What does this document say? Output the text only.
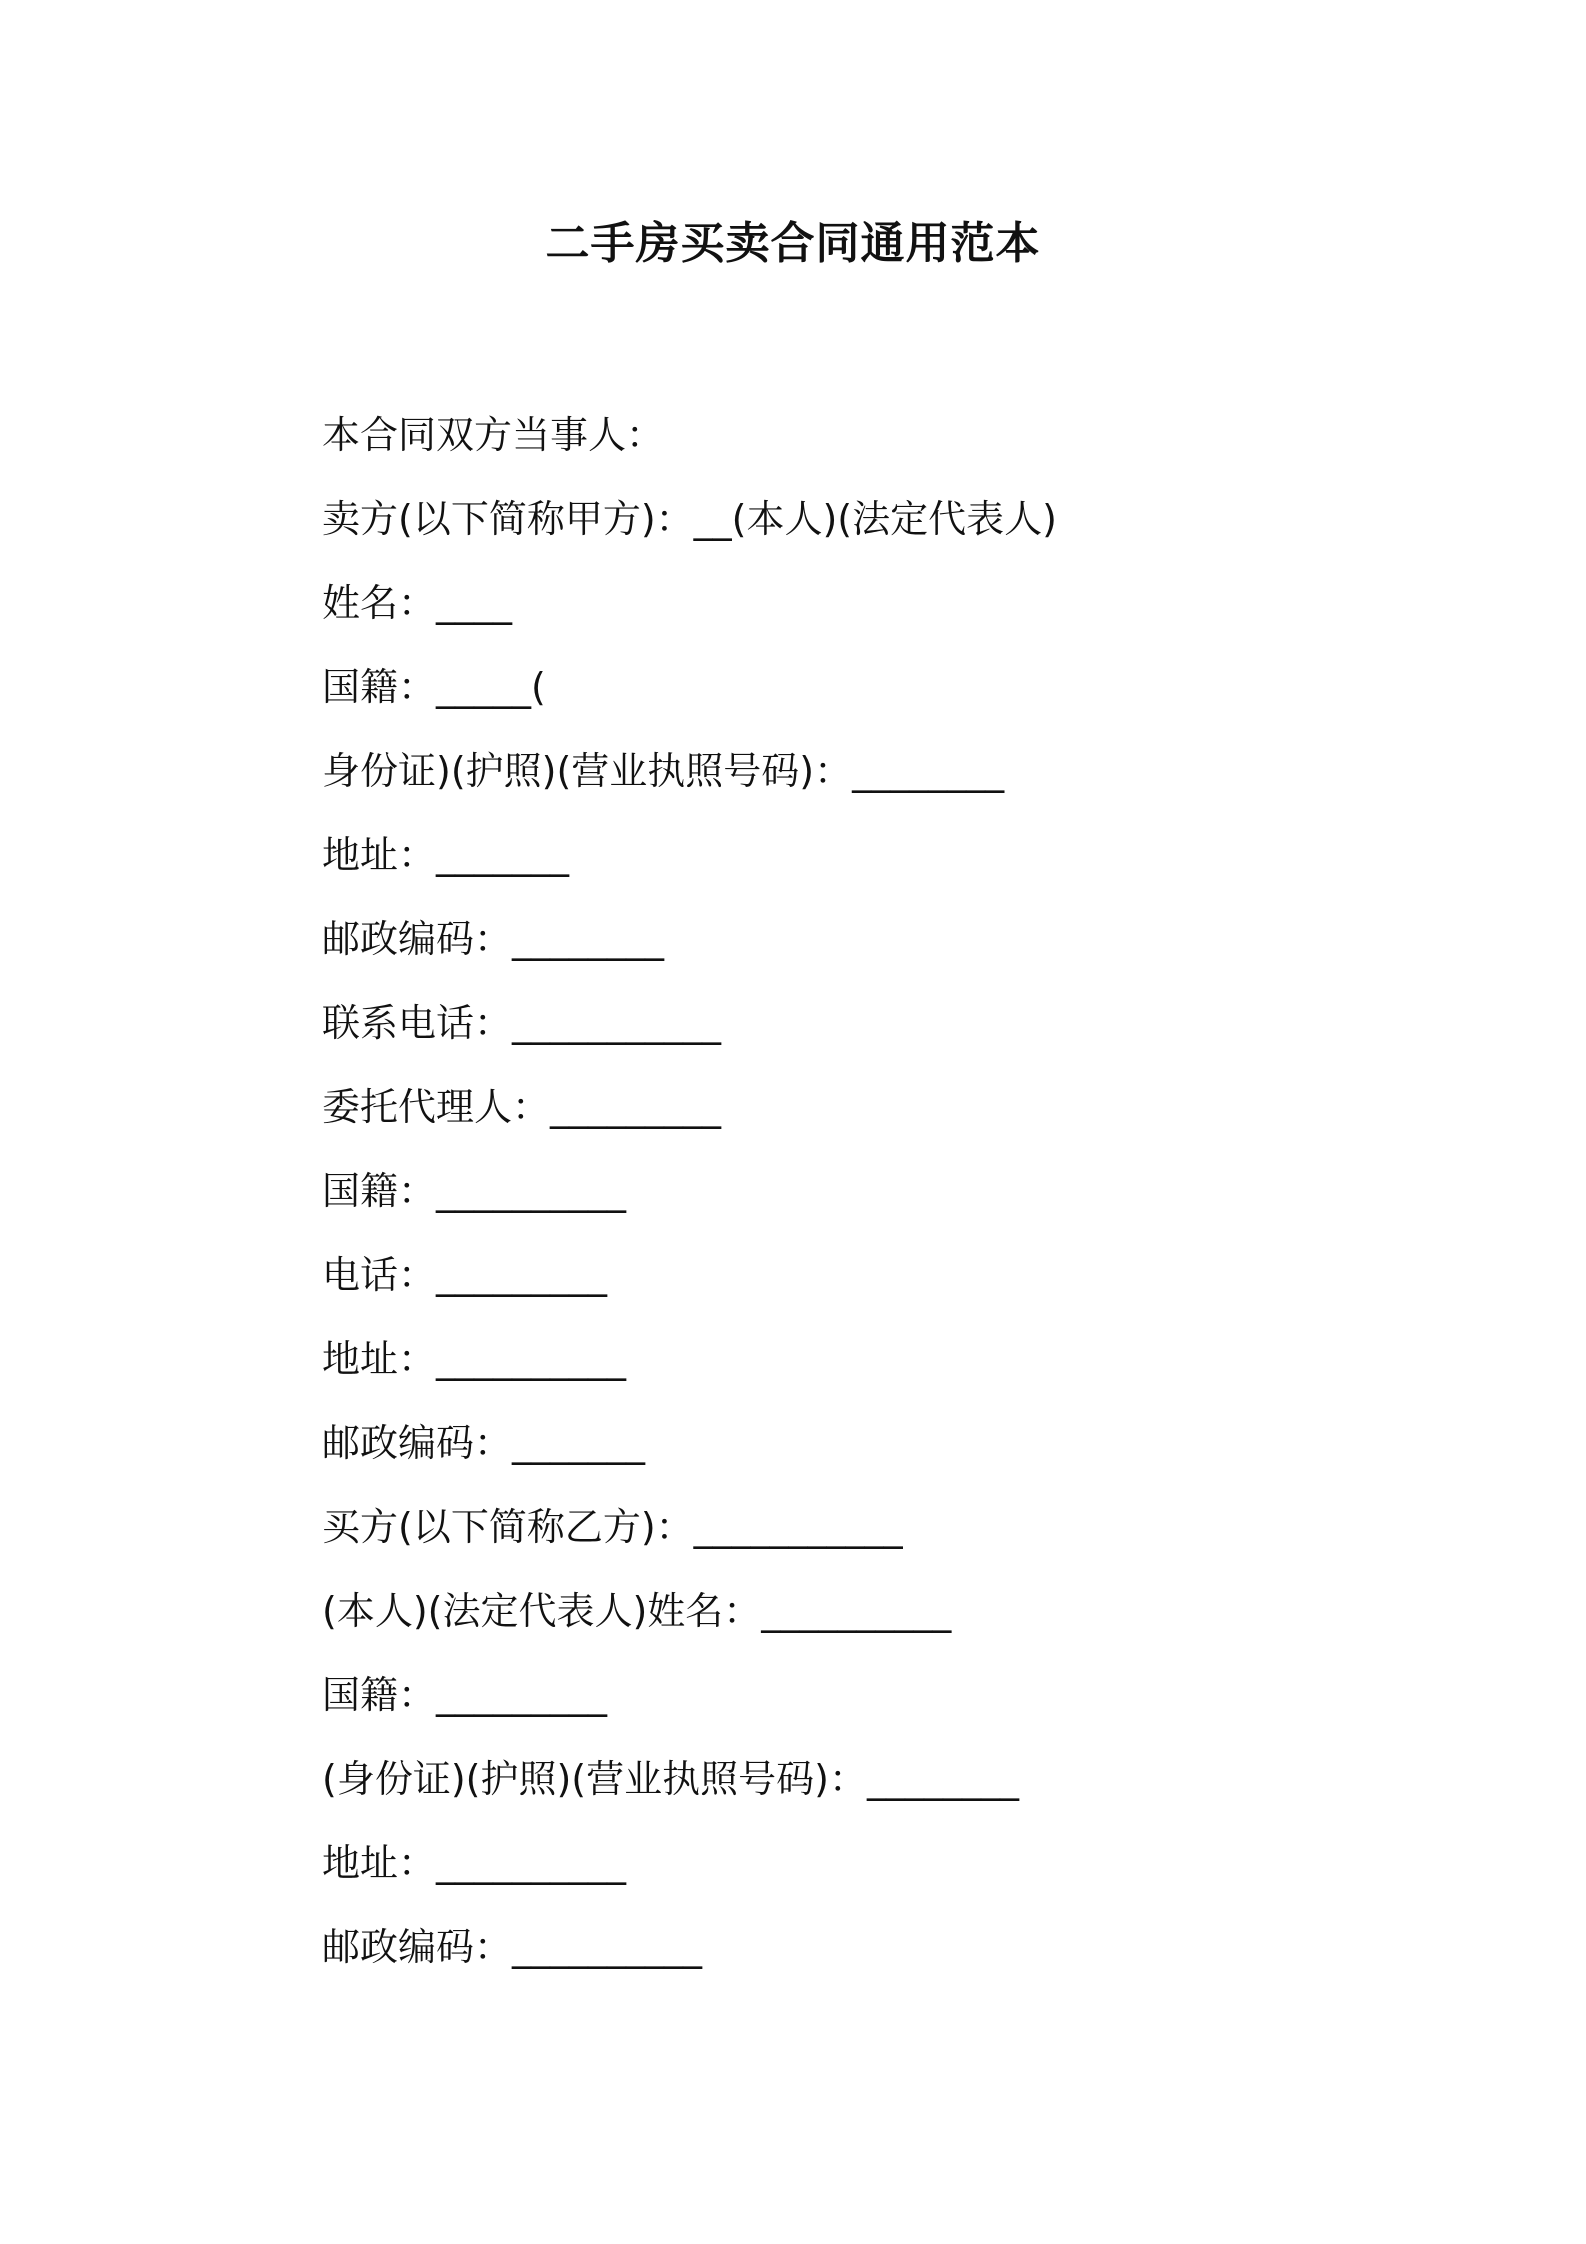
二手房买卖合同通用范本
本合同双方当事人：
卖方(以下简称甲方)：__(本人)(法定代表人)
姓名：____
国籍：_____(
身份证)(护照)(营业执照号码)：________
地址：_______
邮政编码：________
联系电话：___________
委托代理人：_________
国籍：__________
电话：_________
地址：__________
邮政编码：_______
买方(以下简称乙方)：___________
(本人)(法定代表人)姓名：__________
国籍：_________
(身份证)(护照)(营业执照号码)：________
地址：__________
邮政编码：__________
